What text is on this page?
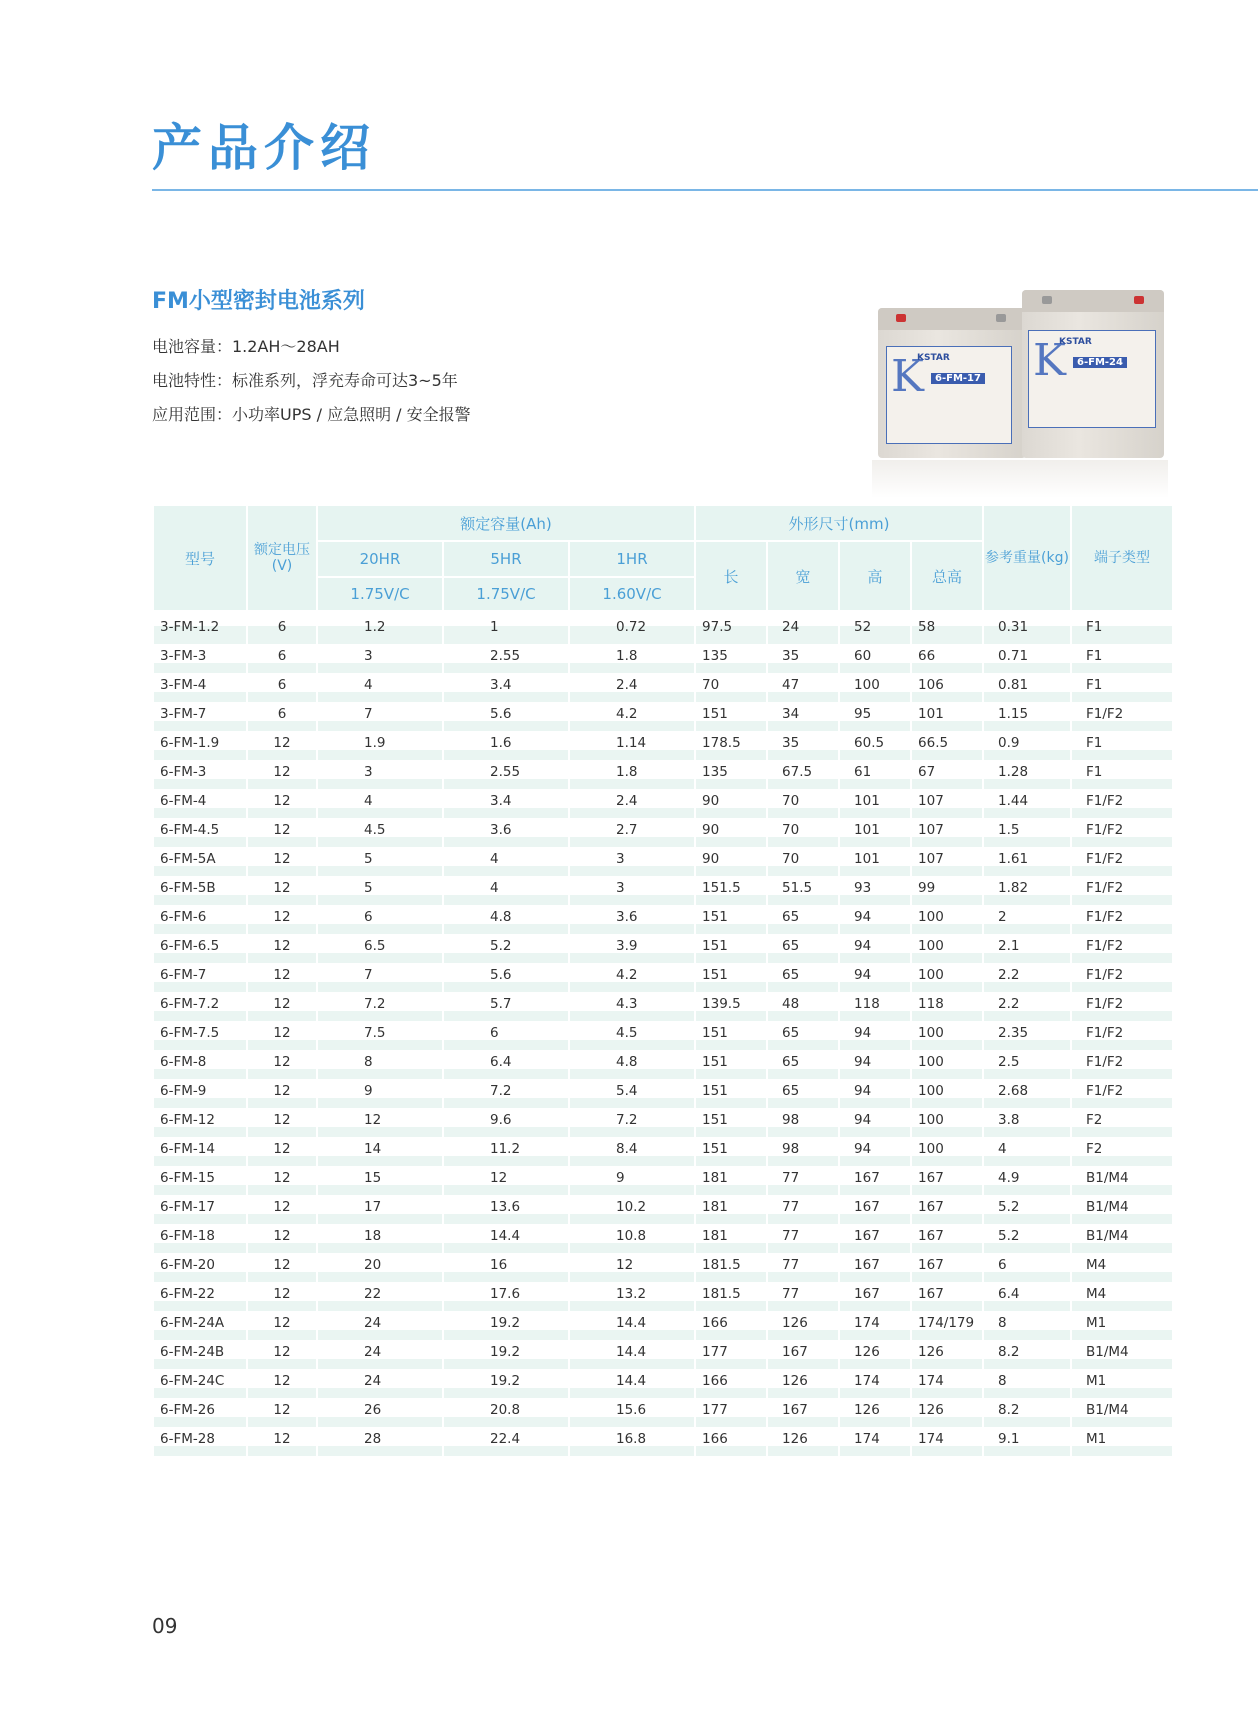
产品介绍
FM小型密封电池系列
电池容量：1.2AH～28AH
电池特性：标准系列，浮充寿命可达3~5年
应用范围：小功率UPS / 应急照明 / 安全报警
K
KSTAR
6-FM-17 K
KSTAR
6-FM-24
型号	额定电压(V)	额定容量(Ah)			外形尺寸(mm)				参考重量(kg)	端子类型
		20HR	5HR	1HR	长	宽	高	总高		
		1.75V/C	1.75V/C	1.60V/C						
3-FM-1.2	6	1.2	1	0.72	97.5	24	52	58	0.31	F1
3-FM-3	6	3	2.55	1.8	135	35	60	66	0.71	F1
3-FM-4	6	4	3.4	2.4	70	47	100	106	0.81	F1
3-FM-7	6	7	5.6	4.2	151	34	95	101	1.15	F1/F2
6-FM-1.9	12	1.9	1.6	1.14	178.5	35	60.5	66.5	0.9	F1
6-FM-3	12	3	2.55	1.8	135	67.5	61	67	1.28	F1
6-FM-4	12	4	3.4	2.4	90	70	101	107	1.44	F1/F2
6-FM-4.5	12	4.5	3.6	2.7	90	70	101	107	1.5	F1/F2
6-FM-5A	12	5	4	3	90	70	101	107	1.61	F1/F2
6-FM-5B	12	5	4	3	151.5	51.5	93	99	1.82	F1/F2
6-FM-6	12	6	4.8	3.6	151	65	94	100	2	F1/F2
6-FM-6.5	12	6.5	5.2	3.9	151	65	94	100	2.1	F1/F2
6-FM-7	12	7	5.6	4.2	151	65	94	100	2.2	F1/F2
6-FM-7.2	12	7.2	5.7	4.3	139.5	48	118	118	2.2	F1/F2
6-FM-7.5	12	7.5	6	4.5	151	65	94	100	2.35	F1/F2
6-FM-8	12	8	6.4	4.8	151	65	94	100	2.5	F1/F2
6-FM-9	12	9	7.2	5.4	151	65	94	100	2.68	F1/F2
6-FM-12	12	12	9.6	7.2	151	98	94	100	3.8	F2
6-FM-14	12	14	11.2	8.4	151	98	94	100	4	F2
6-FM-15	12	15	12	9	181	77	167	167	4.9	B1/M4
6-FM-17	12	17	13.6	10.2	181	77	167	167	5.2	B1/M4
6-FM-18	12	18	14.4	10.8	181	77	167	167	5.2	B1/M4
6-FM-20	12	20	16	12	181.5	77	167	167	6	M4
6-FM-22	12	22	17.6	13.2	181.5	77	167	167	6.4	M4
6-FM-24A	12	24	19.2	14.4	166	126	174	174/179	8	M1
6-FM-24B	12	24	19.2	14.4	177	167	126	126	8.2	B1/M4
6-FM-24C	12	24	19.2	14.4	166	126	174	174	8	M1
6-FM-26	12	26	20.8	15.6	177	167	126	126	8.2	B1/M4
6-FM-28	12	28	22.4	16.8	166	126	174	174	9.1	M1

09
